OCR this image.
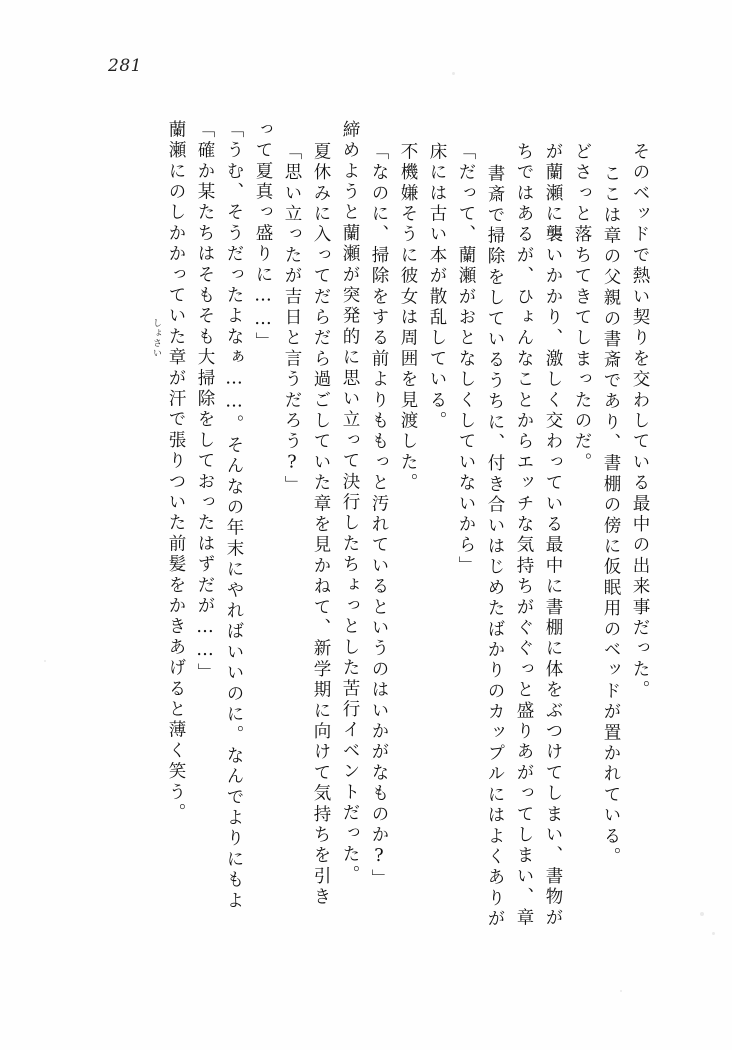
281
蘭瀬にのしかかっていた章が汗で張りついた前髪をかきあげると薄く笑う。 「確か某たちはそもそも大掃除をしておったはずだが……」 「うむ、そうだったよなぁ……。そんなの年末にやればいいのに。なんでよりにもよ って夏真っ盛りに……」 「思い立ったが吉日と言うだろう?」 夏休みに入ってだらだら過ごしていた章を見かねて、新学期に向けて気持ちを引き 締めようと蘭瀬が突発的に思い立って決行したちょっとした苦行イベントだった。 「なのに、掃除をする前よりももっと汚れているというのはいかがなものか?」 不機嫌そうに彼女は周囲を見渡した。 床には古い本が散乱している。 「だって、蘭瀬がおとなしくしていないから」 書斎で掃除をしているうちに、付き合いはじめたばかりのカップルにはよくありが ちではあるが、ひょんなことからエッチな気持ちがぐぐっと盛りあがってしまい、章 が蘭瀬に襲いかかり、激しく交わっている最中に書棚に体をぶつけてしまい、書物が どさっと落ちてきてしまったのだ。 ここは章の父親の書斎であり、書棚の傍に仮眠用のベッドが置かれている。 そのベッドで熱い契りを交わしている最中の出来事だった。
しょさい
